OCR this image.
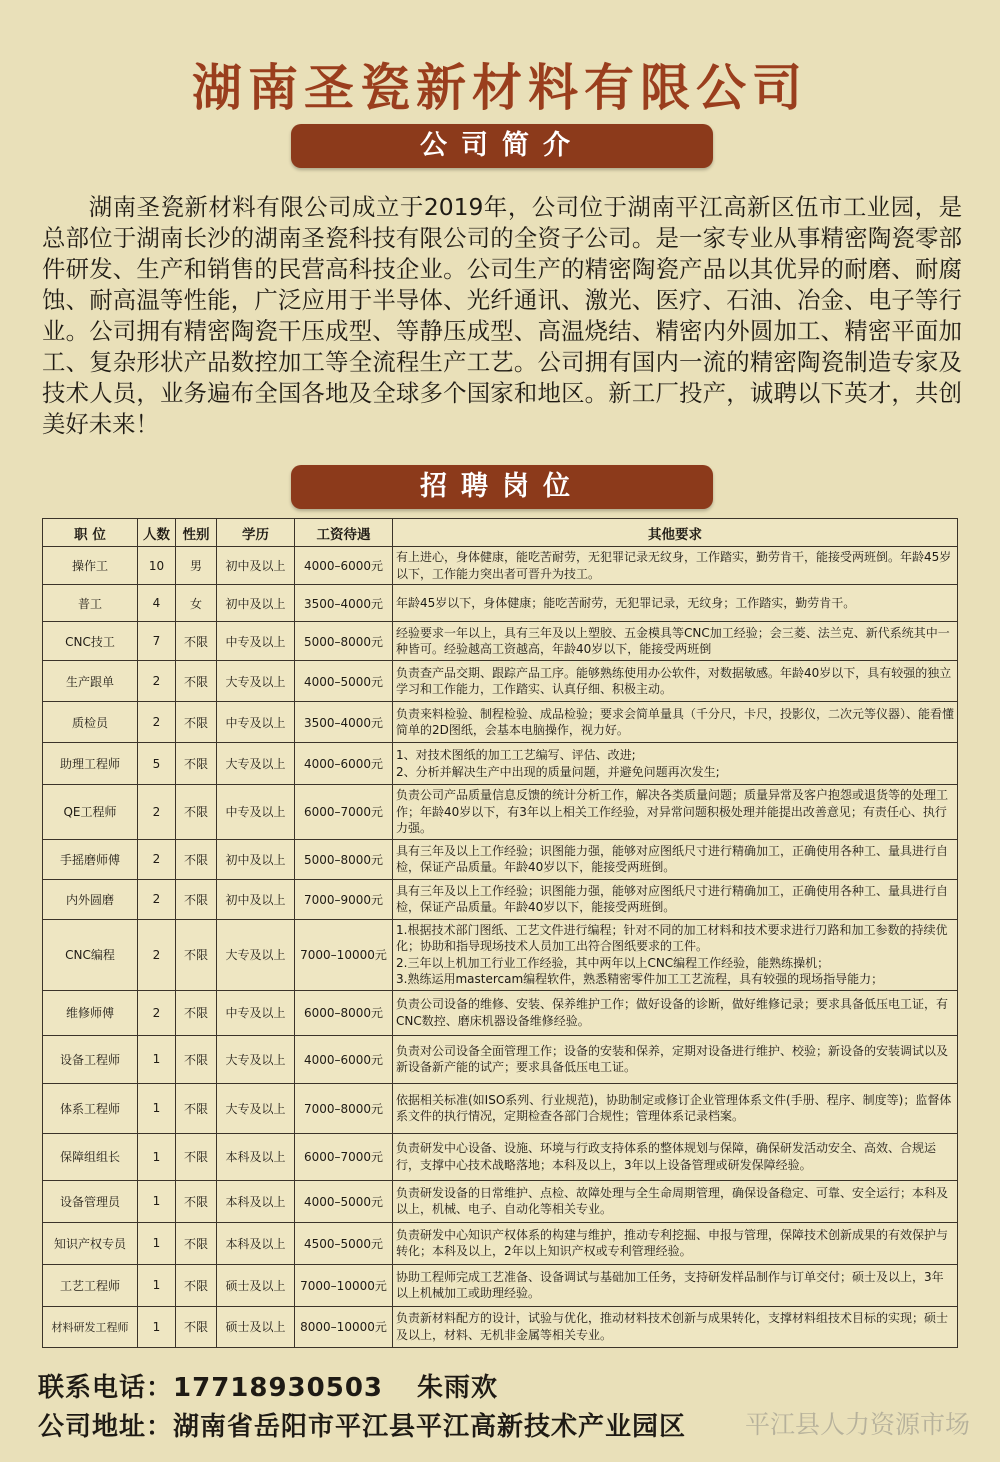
湖南圣瓷新材料有限公司
公司简介
湖南圣瓷新材料有限公司成立于2019年，公司位于湖南平江高新区伍市工业园，是总部位于湖南长沙的湖南圣瓷科技有限公司的全资子公司。是一家专业从事精密陶瓷零部件研发、生产和销售的民营高科技企业。公司生产的精密陶瓷产品以其优异的耐磨、耐腐蚀、耐高温等性能，广泛应用于半导体、光纤通讯、激光、医疗、石油、冶金、电子等行业。公司拥有精密陶瓷干压成型、等静压成型、高温烧结、精密内外圆加工、精密平面加工、复杂形状产品数控加工等全流程生产工艺。公司拥有国内一流的精密陶瓷制造专家及技术人员，业务遍布全国各地及全球多个国家和地区。新工厂投产，诚聘以下英才，共创美好未来！
招聘岗位
职 位	人数	性别	学历	工资待遇	其他要求
操作工	10	男	初中及以上	4000–6000元	有上进心，身体健康，能吃苦耐劳，无犯罪记录无纹身，工作踏实，勤劳肯干，能接受两班倒。年龄45岁以下，工作能力突出者可晋升为技工。
普工	4	女	初中及以上	3500–4000元	年龄45岁以下，身体健康；能吃苦耐劳，无犯罪记录，无纹身；工作踏实，勤劳肯干。
CNC技工	7	不限	中专及以上	5000–8000元	经验要求一年以上，具有三年及以上塑胶、五金模具等CNC加工经验；会三菱、法兰克、新代系统其中一种皆可。经验越高工资越高，年龄40岁以下，能接受两班倒
生产跟单	2	不限	大专及以上	4000–5000元	负责查产品交期、跟踪产品工序。能够熟练使用办公软件，对数据敏感。年龄40岁以下，具有较强的独立学习和工作能力，工作踏实、认真仔细、积极主动。
质检员	2	不限	中专及以上	3500–4000元	负责来料检验、制程检验、成品检验；要求会简单量具（千分尺，卡尺，投影仪，二次元等仪器）、能看懂简单的2D图纸，会基本电脑操作，视力好。
助理工程师	5	不限	大专及以上	4000–6000元	1、对技术图纸的加工工艺编写、评估、改进;
2、分析并解决生产中出现的质量问题，并避免问题再次发生;
QE工程师	2	不限	中专及以上	6000–7000元	负责公司产品质量信息反馈的统计分析工作，解决各类质量问题；质量异常及客户抱怨或退货等的处理工作；年龄40岁以下，有3年以上相关工作经验，对异常问题积极处理并能提出改善意见；有责任心、执行力强。
手摇磨师傅	2	不限	初中及以上	5000–8000元	具有三年及以上工作经验；识图能力强，能够对应图纸尺寸进行精确加工，正确使用各种工、量具进行自检，保证产品质量。年龄40岁以下，能接受两班倒。
内外圆磨	2	不限	初中及以上	7000–9000元	具有三年及以上工作经验；识图能力强，能够对应图纸尺寸进行精确加工，正确使用各种工、量具进行自检，保证产品质量。年龄40岁以下，能接受两班倒。
CNC编程	2	不限	大专及以上	7000–10000元	1.根据技术部门图纸、工艺文件进行编程；针对不同的加工材料和技术要求进行刀路和加工参数的持续优化；协助和指导现场技术人员加工出符合图纸要求的工件。
2.三年以上机加工行业工作经验，其中两年以上CNC编程工作经验，能熟练操机；
3.熟练运用mastercam编程软件，熟悉精密零件加工工艺流程，具有较强的现场指导能力；
维修师傅	2	不限	中专及以上	6000–8000元	负责公司设备的维修、安装、保养维护工作；做好设备的诊断，做好维修记录；要求具备低压电工证，有CNC数控、磨床机器设备维修经验。
设备工程师	1	不限	大专及以上	4000–6000元	负责对公司设备全面管理工作；设备的安装和保养，定期对设备进行维护、校验；新设备的安装调试以及新设备新产能的试产；要求具备低压电工证。
体系工程师	1	不限	大专及以上	7000–8000元	依据相关标准(如ISO系列、行业规范)，协助制定或修订企业管理体系文件(手册、程序、制度等)；监督体系文件的执行情况，定期检查各部门合规性；管理体系记录档案。
保障组组长	1	不限	本科及以上	6000–7000元	负责研发中心设备、设施、环境与行政支持体系的整体规划与保障，确保研发活动安全、高效、合规运行，支撑中心技术战略落地；本科及以上，3年以上设备管理或研发保障经验。
设备管理员	1	不限	本科及以上	4000–5000元	负责研发设备的日常维护、点检、故障处理与全生命周期管理，确保设备稳定、可靠、安全运行；本科及以上，机械、电子、自动化等相关专业。
知识产权专员	1	不限	本科及以上	4500–5000元	负责研发中心知识产权体系的构建与维护，推动专利挖掘、申报与管理，保障技术创新成果的有效保护与转化；本科及以上，2年以上知识产权或专利管理经验。
工艺工程师	1	不限	硕士及以上	7000–10000元	协助工程师完成工艺准备、设备调试与基础加工任务，支持研发样品制作与订单交付；硕士及以上，3年以上机械加工或助理经验。
材料研发工程师	1	不限	硕士及以上	8000–10000元	负责新材料配方的设计，试验与优化，推动材料技术创新与成果转化，支撑材料组技术目标的实现；硕士及以上，材料、无机非金属等相关专业。
联系电话：17718930503 朱雨欢
公司地址：湖南省岳阳市平江县平江高新技术产业园区 平江县人力资源市场
